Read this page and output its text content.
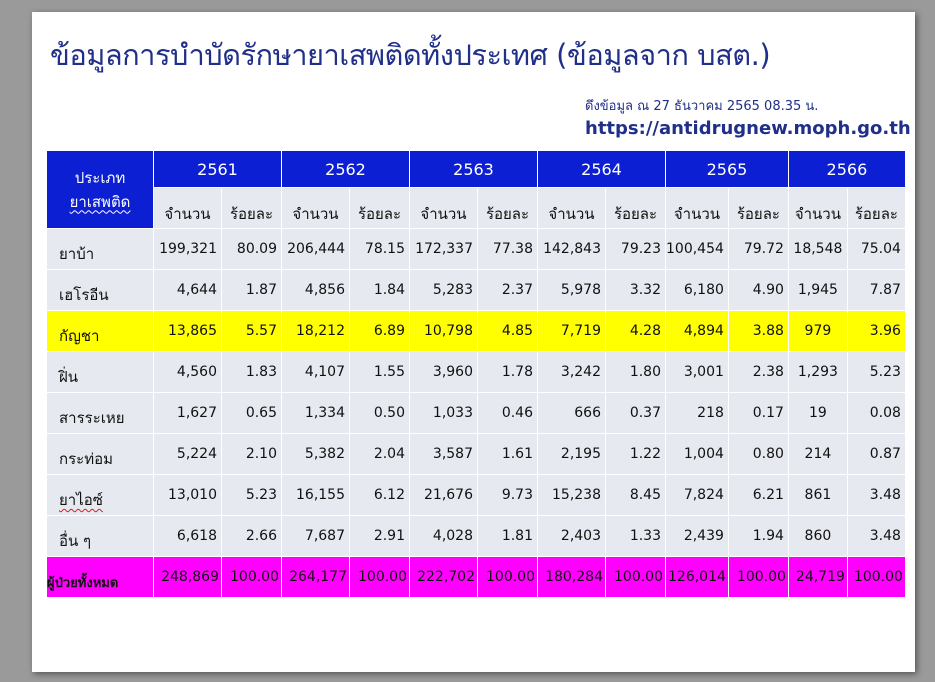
ข้อมูลการบำบัดรักษายาเสพติดทั้งประเทศ (ข้อมูลจาก บสต.)
ดึงข้อมูล ณ 27 ธันวาคม 2565 08.35 น.
https://antidrugnew.moph.go.th
ประเภท
ยาเสพติด	2561		2562		2563		2564		2565		2566	
	จำนวน	ร้อยละ	จำนวน	ร้อยละ	จำนวน	ร้อยละ	จำนวน	ร้อยละ	จำนวน	ร้อยละ	จำนวน	ร้อยละ
ยาบ้า	199,321	80.09	206,444	78.15	172,337	77.38	142,843	79.23	100,454	79.72	18,548	75.04
เฮโรอีน	4,644	1.87	4,856	1.84	5,283	2.37	5,978	3.32	6,180	4.90	1,945	7.87
กัญชา	13,865	5.57	18,212	6.89	10,798	4.85	7,719	4.28	4,894	3.88	979	3.96
ฝิ่น	4,560	1.83	4,107	1.55	3,960	1.78	3,242	1.80	3,001	2.38	1,293	5.23
สารระเหย	1,627	0.65	1,334	0.50	1,033	0.46	666	0.37	218	0.17	19	0.08
กระท่อม	5,224	2.10	5,382	2.04	3,587	1.61	2,195	1.22	1,004	0.80	214	0.87
ยาไอซ์	13,010	5.23	16,155	6.12	21,676	9.73	15,238	8.45	7,824	6.21	861	3.48
อื่น ๆ	6,618	2.66	7,687	2.91	4,028	1.81	2,403	1.33	2,439	1.94	860	3.48
ผู้ป่วยทั้งหมด	248,869	100.00	264,177	100.00	222,702	100.00	180,284	100.00	126,014	100.00	24,719	100.00
